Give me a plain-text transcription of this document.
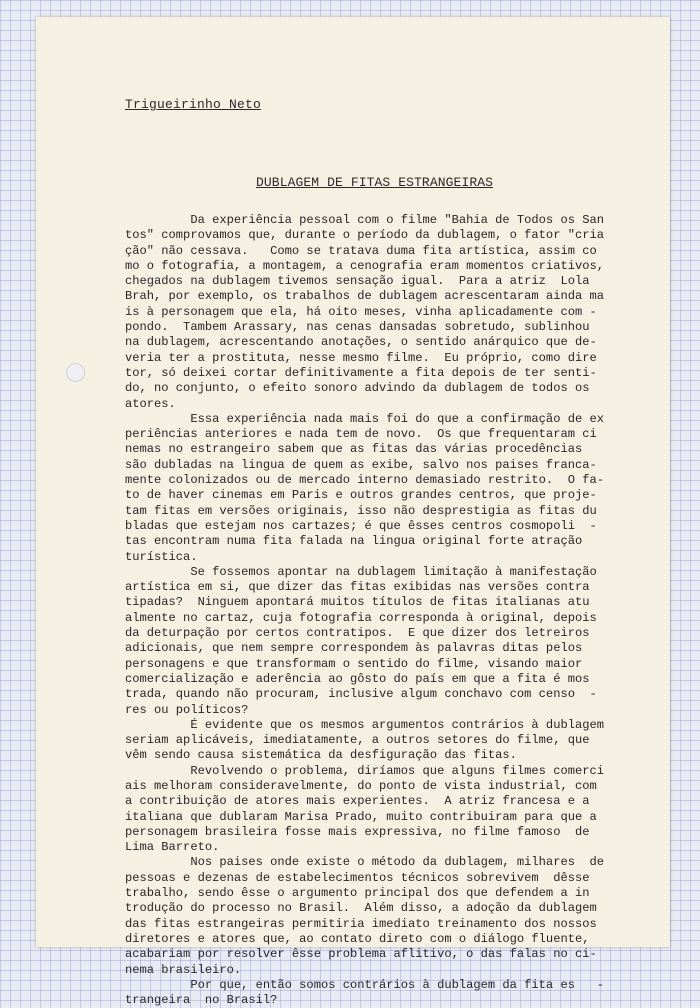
Trigueirinho Neto
DUBLAGEM DE FITAS ESTRANGEIRAS
Da experiência pessoal com o filme "Bahia de Todos os San
tos" comprovamos que, durante o período da dublagem, o fator "cria
ção" não cessava.   Como se tratava duma fita artística, assim co
mo o fotografia, a montagem, a cenografia eram momentos criativos,
chegados na dublagem tivemos sensação igual.  Para a atriz  Lola
Brah, por exemplo, os trabalhos de dublagem acrescentaram ainda ma
is à personagem que ela, há oito meses, vinha aplicadamente com -
pondo.  Tambem Arassary, nas cenas dansadas sobretudo, sublinhou
na dublagem, acrescentando anotações, o sentido anárquico que de-
veria ter a prostituta, nesse mesmo filme.  Eu próprio, como dire
tor, só deixei cortar definitivamente a fita depois de ter senti-
do, no conjunto, o efeito sonoro advindo da dublagem de todos os
atores.
Essa experiência nada mais foi do que a confirmação de ex
periências anteriores e nada tem de novo.  Os que frequentaram ci
nemas no estrangeiro sabem que as fitas das várias procedências
são dubladas na lingua de quem as exibe, salvo nos paises franca-
mente colonizados ou de mercado interno demasiado restrito.  O fa-
to de haver cinemas em Paris e outros grandes centros, que proje-
tam fitas em versões originais, isso não desprestigia as fitas du
bladas que estejam nos cartazes; é que êsses centros cosmopoli  -
tas encontram numa fita falada na lingua original forte atração
turística.
Se fossemos apontar na dublagem limitação à manifestação
artística em si, que dizer das fitas exibidas nas versões contra
tipadas?  Ninguem apontará muitos títulos de fitas italianas atu
almente no cartaz, cuja fotografia corresponda à original, depois
da deturpação por certos contratipos.  E que dizer dos letreiros
adicionais, que nem sempre correspondem às palavras ditas pelos
personagens e que transformam o sentido do filme, visando maior
comercialização e aderência ao gôsto do país em que a fita é mos
trada, quando não procuram, inclusive algum conchavo com censo  -
res ou políticos?
É evidente que os mesmos argumentos contrários à dublagem
seriam aplicáveis, imediatamente, a outros setores do filme, que
vêm sendo causa sistemática da desfiguração das fitas.
Revolvendo o problema, diríamos que alguns filmes comerci
ais melhoram consideravelmente, do ponto de vista industrial, com
a contribuição de atores mais experientes.  A atriz francesa e a
italiana que dublaram Marisa Prado, muito contribuiram para que a
personagem brasileira fosse mais expressiva, no filme famoso  de
Lima Barreto.
Nos paises onde existe o método da dublagem, milhares  de
pessoas e dezenas de estabelecimentos técnicos sobrevivem  dêsse
trabalho, sendo êsse o argumento principal dos que defendem a in
trodução do processo no Brasil.  Além disso, a adoção da dublagem
das fitas estrangeiras permitiria imediato treinamento dos nossos
diretores e atores que, ao contato direto com o diálogo fluente,
acabariam por resolver êsse problema aflitivo, o das falas no ci-
nema brasileiro.
Por que, então somos contrários à dublagem da fita es   -
trangeira  no Brasil?
